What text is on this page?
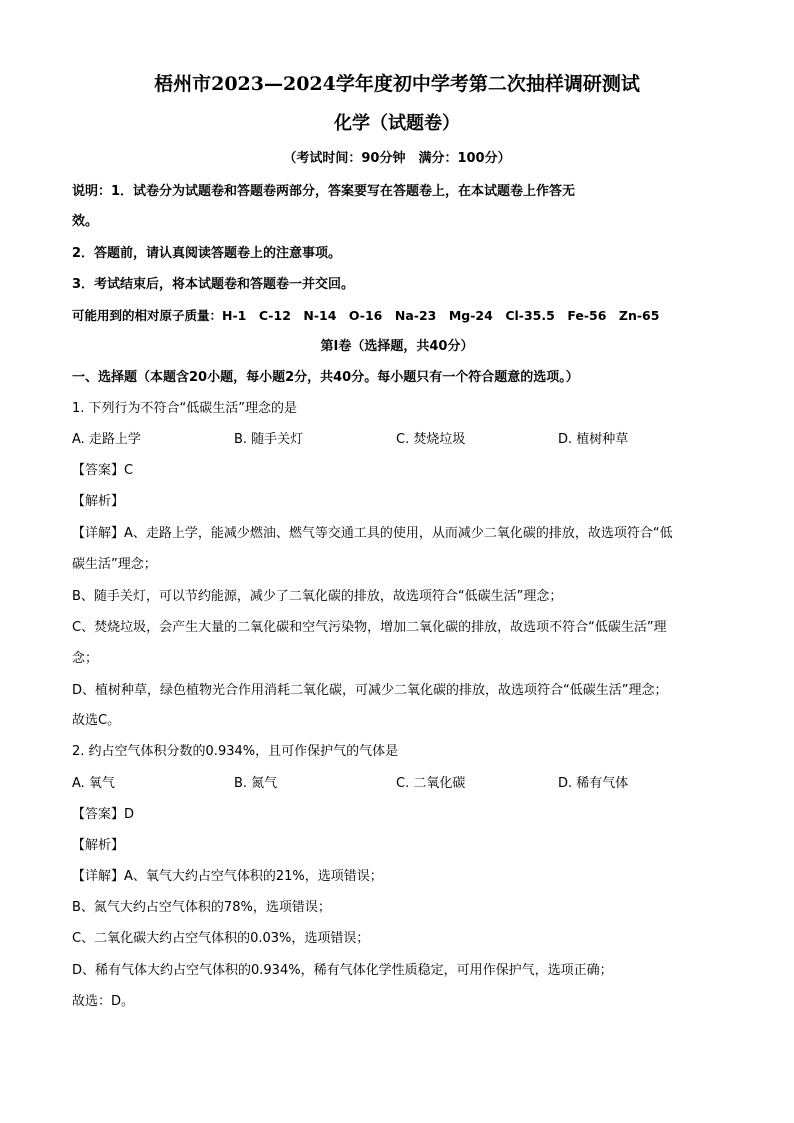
梧州市2023—2024学年度初中学考第二次抽样调研测试
化学（试题卷）
（考试时间：90分钟　满分：100分）
说明：1．试卷分为试题卷和答题卷两部分，答案要写在答题卷上，在本试题卷上作答无
效。
2．答题前，请认真阅读答题卷上的注意事项。
3．考试结束后，将本试题卷和答题卷一并交回。
可能用到的相对原子质量：H-1　C-12　N-14　O-16　Na-23　Mg-24　Cl-35.5　Fe-56　Zn-65
第Ⅰ卷（选择题，共40分）
一、选择题（本题含20小题，每小题2分，共40分。每小题只有一个符合题意的选项。）
1. 下列行为不符合“低碳生活”理念的是
A. 走路上学	B. 随手关灯	C. 焚烧垃圾	D. 植树种草
【答案】C
【解析】
【详解】A、走路上学，能减少燃油、燃气等交通工具的使用，从而减少二氧化碳的排放，故选项符合“低
碳生活”理念；
B、随手关灯，可以节约能源，减少了二氧化碳的排放，故选项符合“低碳生活”理念；
C、焚烧垃圾，会产生大量的二氧化碳和空气污染物，增加二氧化碳的排放，故选项不符合“低碳生活”理
念；
D、植树种草，绿色植物光合作用消耗二氧化碳，可减少二氧化碳的排放，故选项符合“低碳生活”理念；
故选C。
2. 约占空气体积分数的0.934%，且可作保护气的气体是
A. 氧气	B. 氮气	C. 二氧化碳	D. 稀有气体
【答案】D
【解析】
【详解】A、氧气大约占空气体积的21%，选项错误；
B、氮气大约占空气体积的78%，选项错误；
C、二氧化碳大约占空气体积的0.03%，选项错误；
D、稀有气体大约占空气体积的0.934%，稀有气体化学性质稳定，可用作保护气，选项正确；
故选：D。
